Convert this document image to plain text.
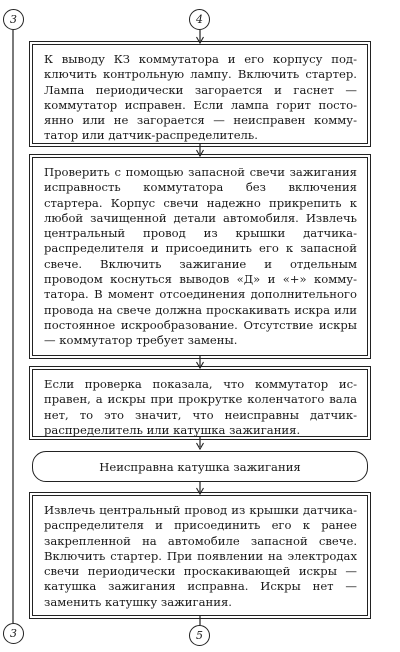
3	4
3	5
К выводу КЗ коммутатора и его корпусу подключить контрольную лампу. Включить стартер. Лампа периодически загорается и гаснет — коммутатор исправен. Если лампа горит постоянно или не загорается — неисправен коммутатор или датчик-распределитель.
Проверить с помощью запасной свечи зажигания исправность коммутатора без включения стартера. Корпус свечи надежно прикрепить к любой зачищенной детали автомобиля. Извлечь центральный провод из крышки датчика-распределителя и присоединить его к запасной свече. Включить зажигание и отдельным проводом коснуться выводов «Д» и «+» коммутатора. В момент отсоединения дополнительного провода на свече должна проскакивать искра или постоянное искрообразование. Отсутствие искры — коммутатор требует замены.
Если проверка показала, что коммутатор исправен, а искры при прокрутке коленчатого вала нет, то это значит, что неисправны датчик-распределитель или катушка зажигания.
Неисправна катушка зажигания
Извлечь центральный провод из крышки датчика-распределителя и присоединить его к ранее закрепленной на автомобиле запасной свече. Включить стартер. При появлении на электродах свечи периодически проскакивающей искры — катушка зажигания исправна. Искры нет — заменить катушку зажигания.
